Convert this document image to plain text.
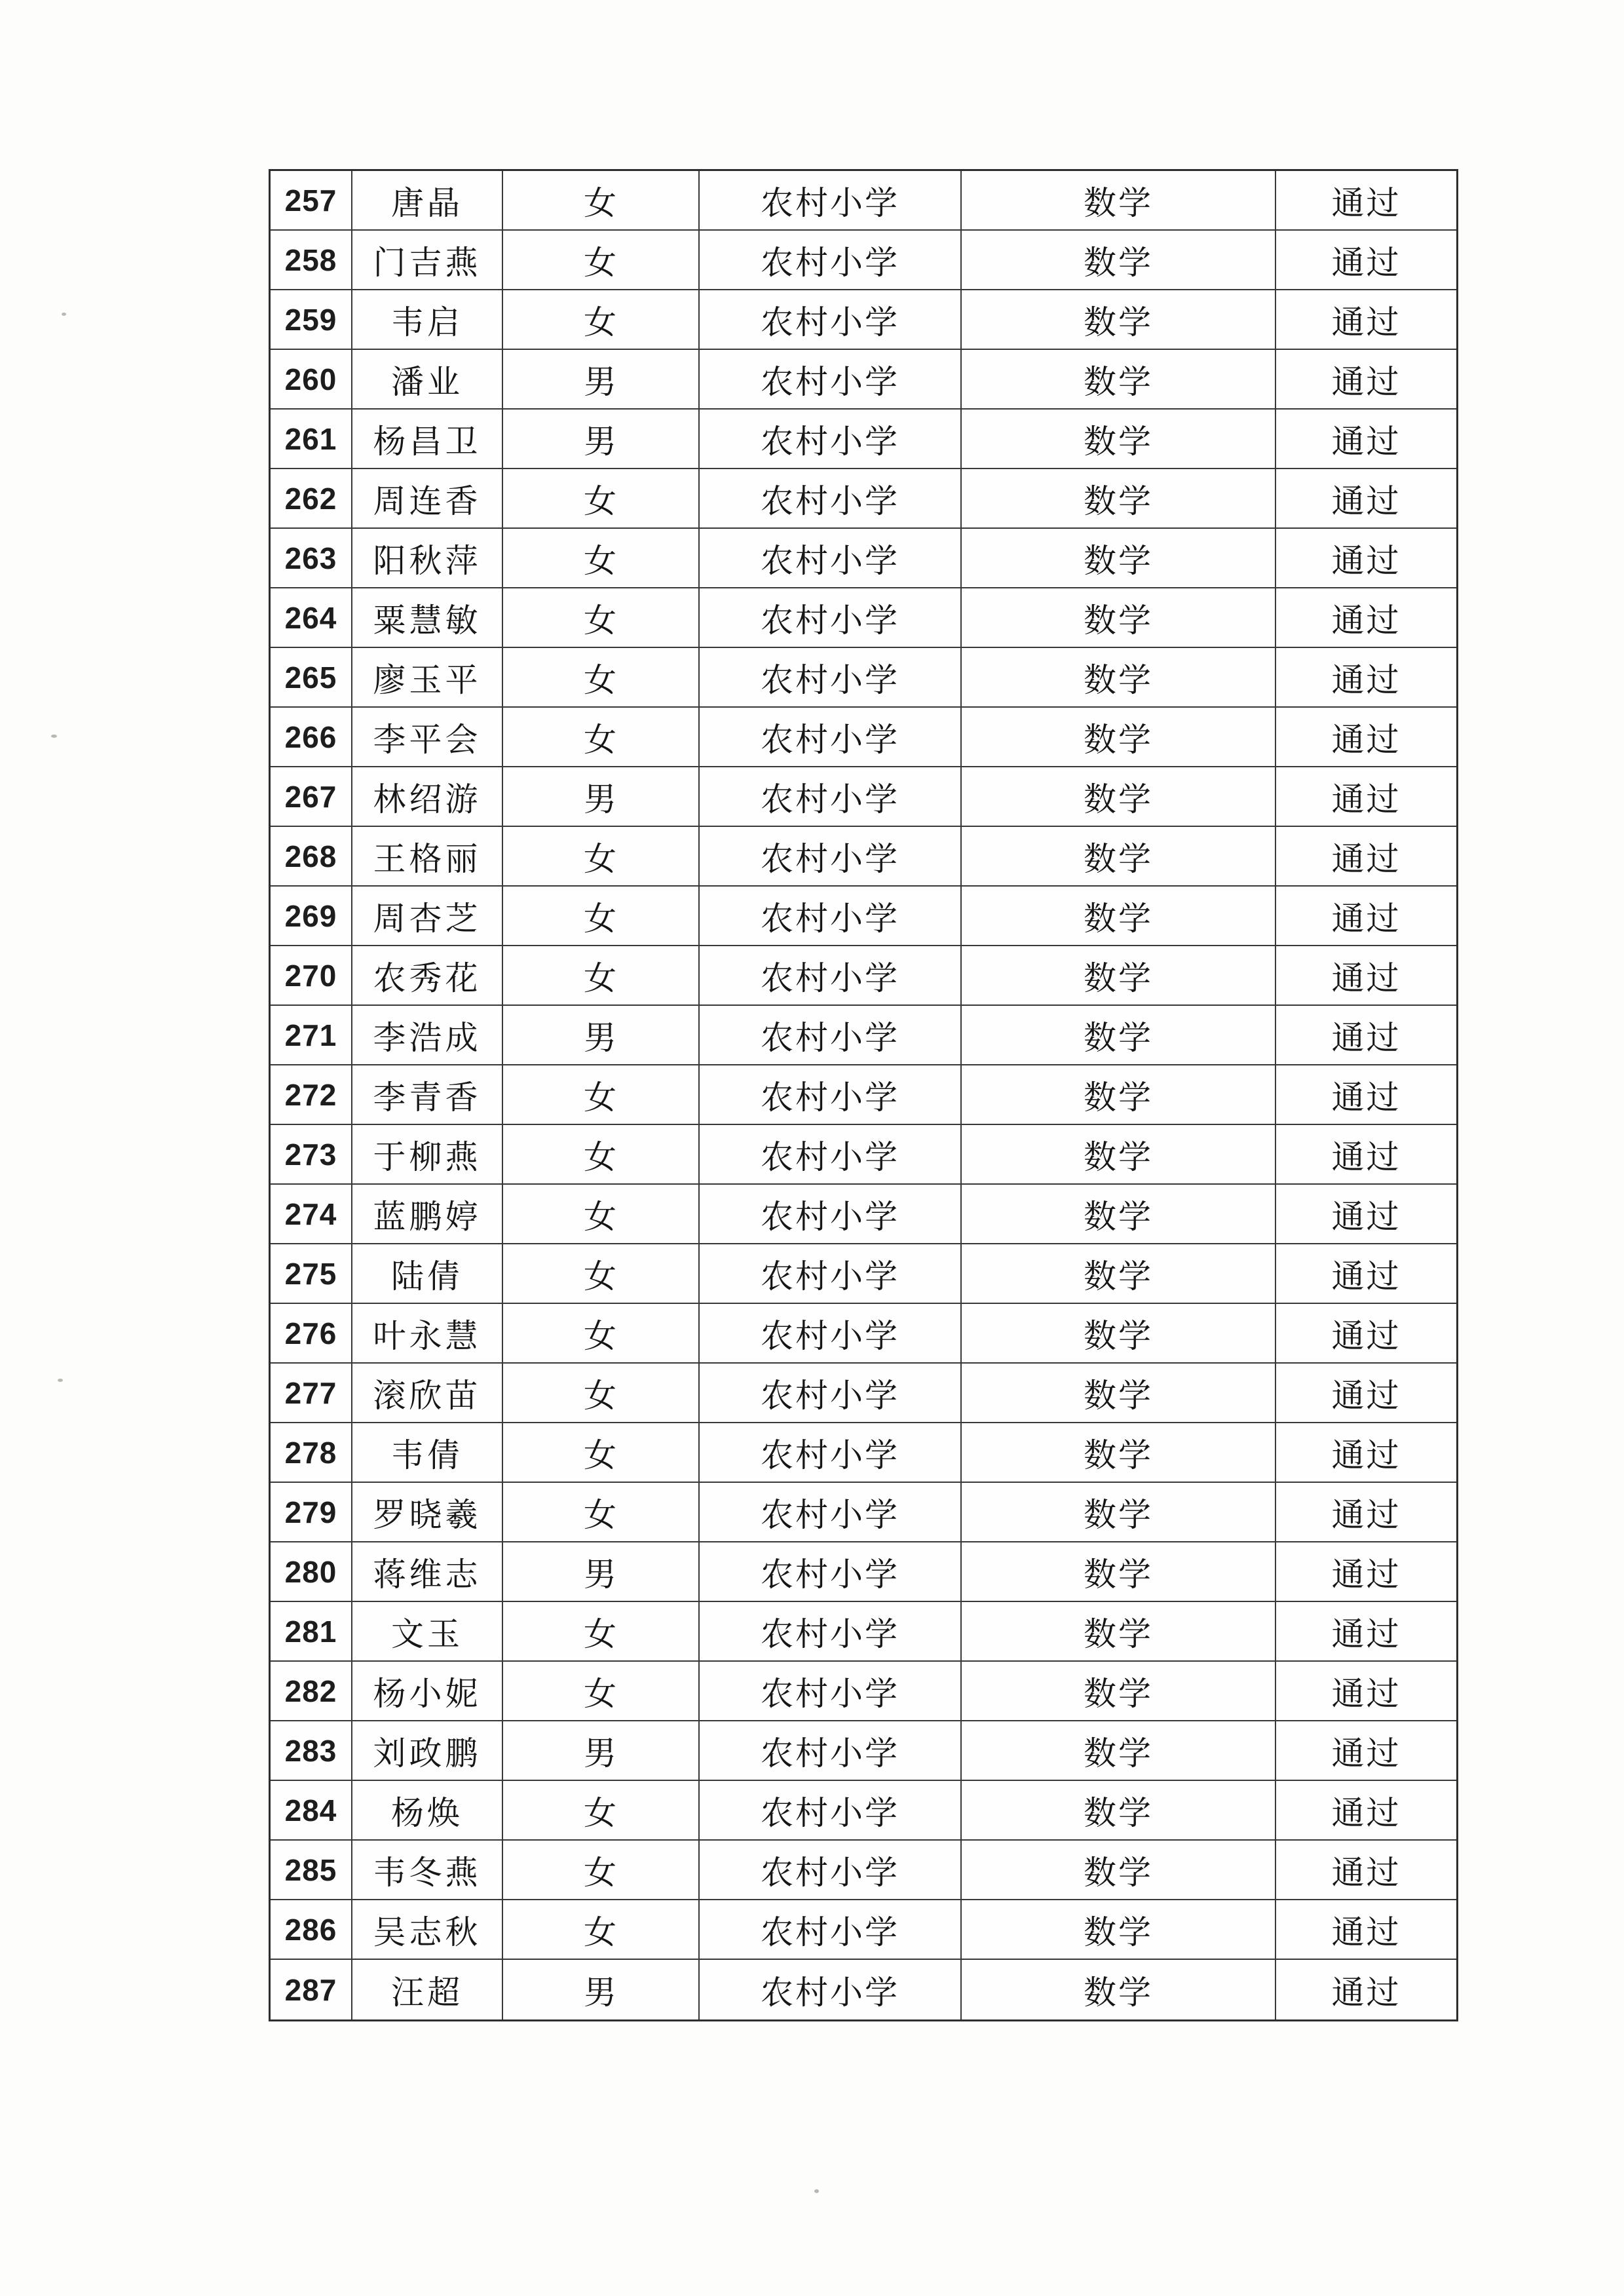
257	唐晶	女	农村小学	数学	通过
258	门吉燕	女	农村小学	数学	通过
259	韦启	女	农村小学	数学	通过
260	潘业	男	农村小学	数学	通过
261	杨昌卫	男	农村小学	数学	通过
262	周连香	女	农村小学	数学	通过
263	阳秋萍	女	农村小学	数学	通过
264	粟慧敏	女	农村小学	数学	通过
265	廖玉平	女	农村小学	数学	通过
266	李平会	女	农村小学	数学	通过
267	林绍游	男	农村小学	数学	通过
268	王格丽	女	农村小学	数学	通过
269	周杏芝	女	农村小学	数学	通过
270	农秀花	女	农村小学	数学	通过
271	李浩成	男	农村小学	数学	通过
272	李青香	女	农村小学	数学	通过
273	于柳燕	女	农村小学	数学	通过
274	蓝鹏婷	女	农村小学	数学	通过
275	陆倩	女	农村小学	数学	通过
276	叶永慧	女	农村小学	数学	通过
277	滚欣苗	女	农村小学	数学	通过
278	韦倩	女	农村小学	数学	通过
279	罗晓羲	女	农村小学	数学	通过
280	蒋维志	男	农村小学	数学	通过
281	文玉	女	农村小学	数学	通过
282	杨小妮	女	农村小学	数学	通过
283	刘政鹏	男	农村小学	数学	通过
284	杨焕	女	农村小学	数学	通过
285	韦冬燕	女	农村小学	数学	通过
286	吴志秋	女	农村小学	数学	通过
287	汪超	男	农村小学	数学	通过
